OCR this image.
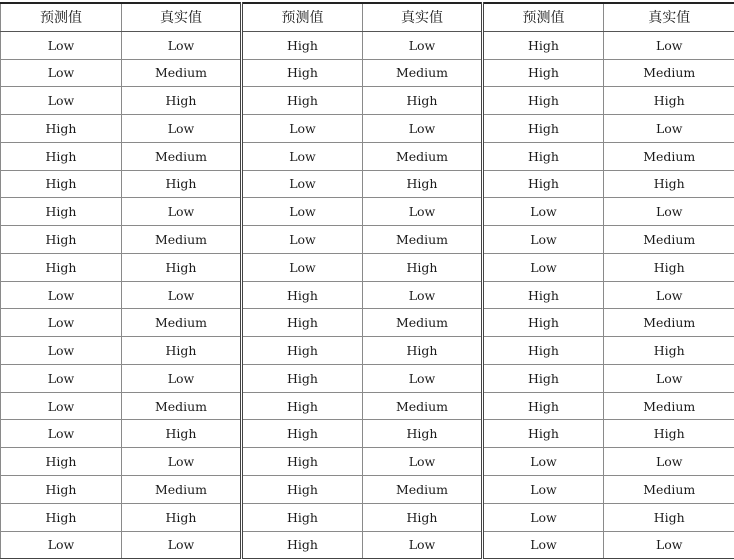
预测值	真实值	预测值	真实值	预测值	真实值
Low	Low	High	Low	High	Low
Low	Medium	High	Medium	High	Medium
Low	High	High	High	High	High
High	Low	Low	Low	High	Low
High	Medium	Low	Medium	High	Medium
High	High	Low	High	High	High
High	Low	Low	Low	Low	Low
High	Medium	Low	Medium	Low	Medium
High	High	Low	High	Low	High
Low	Low	High	Low	High	Low
Low	Medium	High	Medium	High	Medium
Low	High	High	High	High	High
Low	Low	High	Low	High	Low
Low	Medium	High	Medium	High	Medium
Low	High	High	High	High	High
High	Low	High	Low	Low	Low
High	Medium	High	Medium	Low	Medium
High	High	High	High	Low	High
Low	Low	High	Low	Low	Low
